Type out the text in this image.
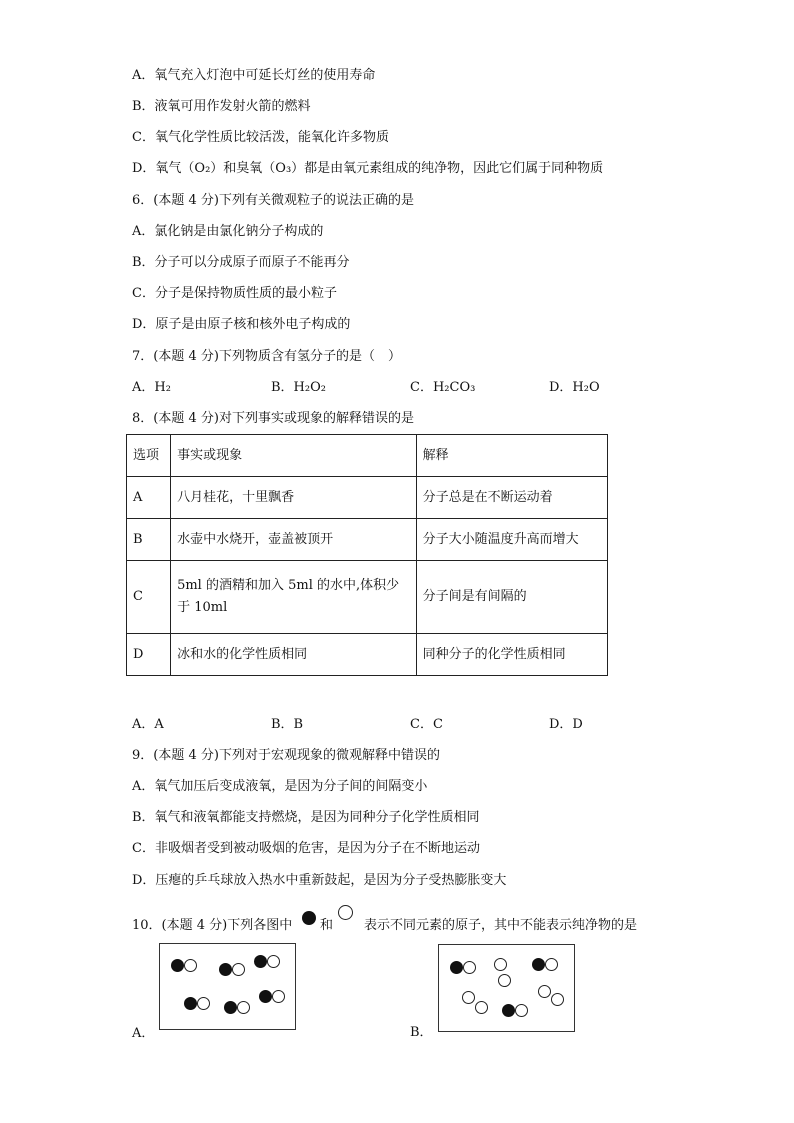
A．氧气充入灯泡中可延长灯丝的使用寿命
B．液氧可用作发射火箭的燃料
C．氧气化学性质比较活泼，能氧化许多物质
D．氧气（O₂）和臭氧（O₃）都是由氧元素组成的纯净物，因此它们属于同种物质
6．(本题 4 分)下列有关微观粒子的说法正确的是
A．氯化钠是由氯化钠分子构成的
B．分子可以分成原子而原子不能再分
C．分子是保持物质性质的最小粒子
D．原子是由原子核和核外电子构成的
7．(本题 4 分)下列物质含有氢分子的是（　）
A．H₂	B．H₂O₂	C．H₂CO₃	D．H₂O
8．(本题 4 分)对下列事实或现象的解释错误的是
选项	事实或现象	解释
A	八月桂花，十里飘香	分子总是在不断运动着
B	水壶中水烧开，壶盖被顶开	分子大小随温度升高而增大
C	5ml 的酒精和加入 5ml 的水中,体积少
于 10ml	分子间是有间隔的
D	冰和水的化学性质相同	同种分子的化学性质相同
A．A	B．B	C．C	D．D
9．(本题 4 分)下列对于宏观现象的微观解释中错误的
A．氧气加压后变成液氧，是因为分子间的间隔变小
B．氧气和液氧都能支持燃烧，是因为同种分子化学性质相同
C．非吸烟者受到被动吸烟的危害，是因为分子在不断地运动
D．压瘪的乒乓球放入热水中重新鼓起，是因为分子受热膨胀变大
10．(本题 4 分)下列各图中 和 表示不同元素的原子，其中不能表示纯净物的是
A．	B．
